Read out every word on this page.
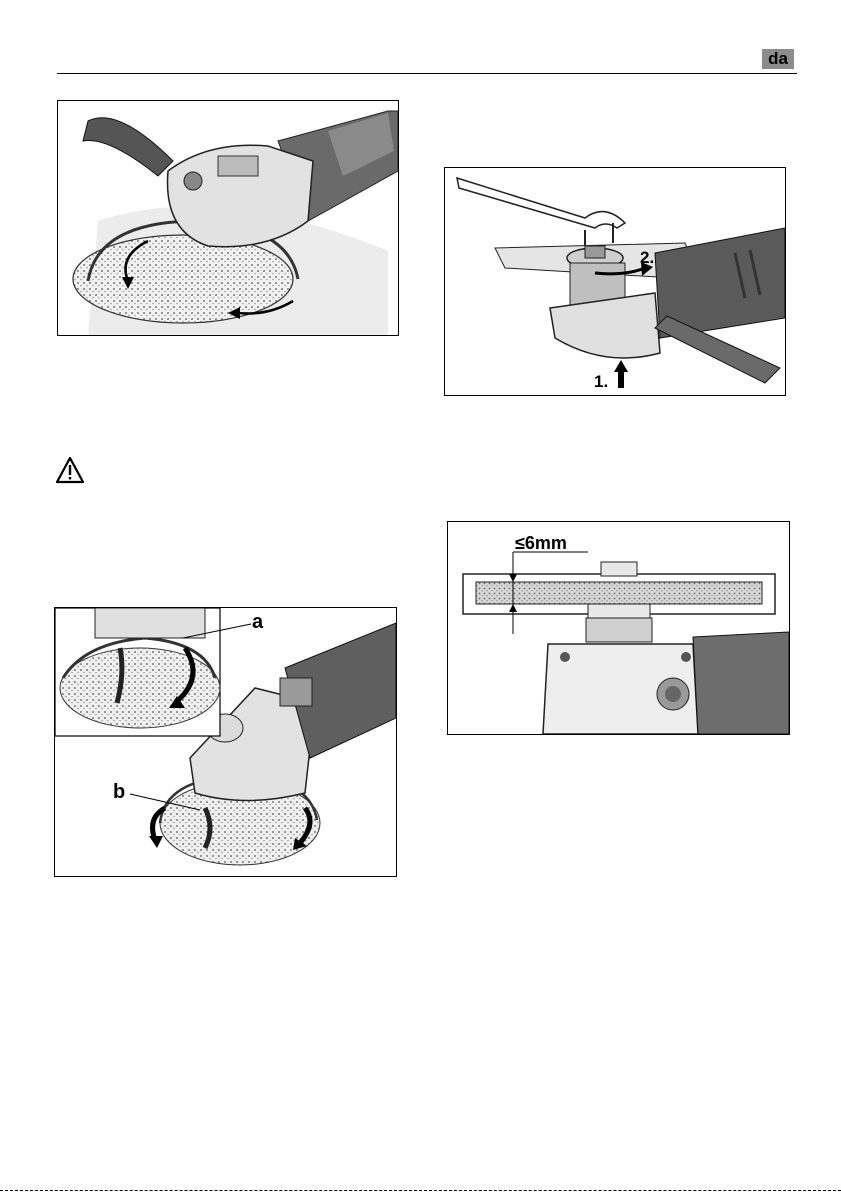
da
2.
1.
≤6mm
a
b
